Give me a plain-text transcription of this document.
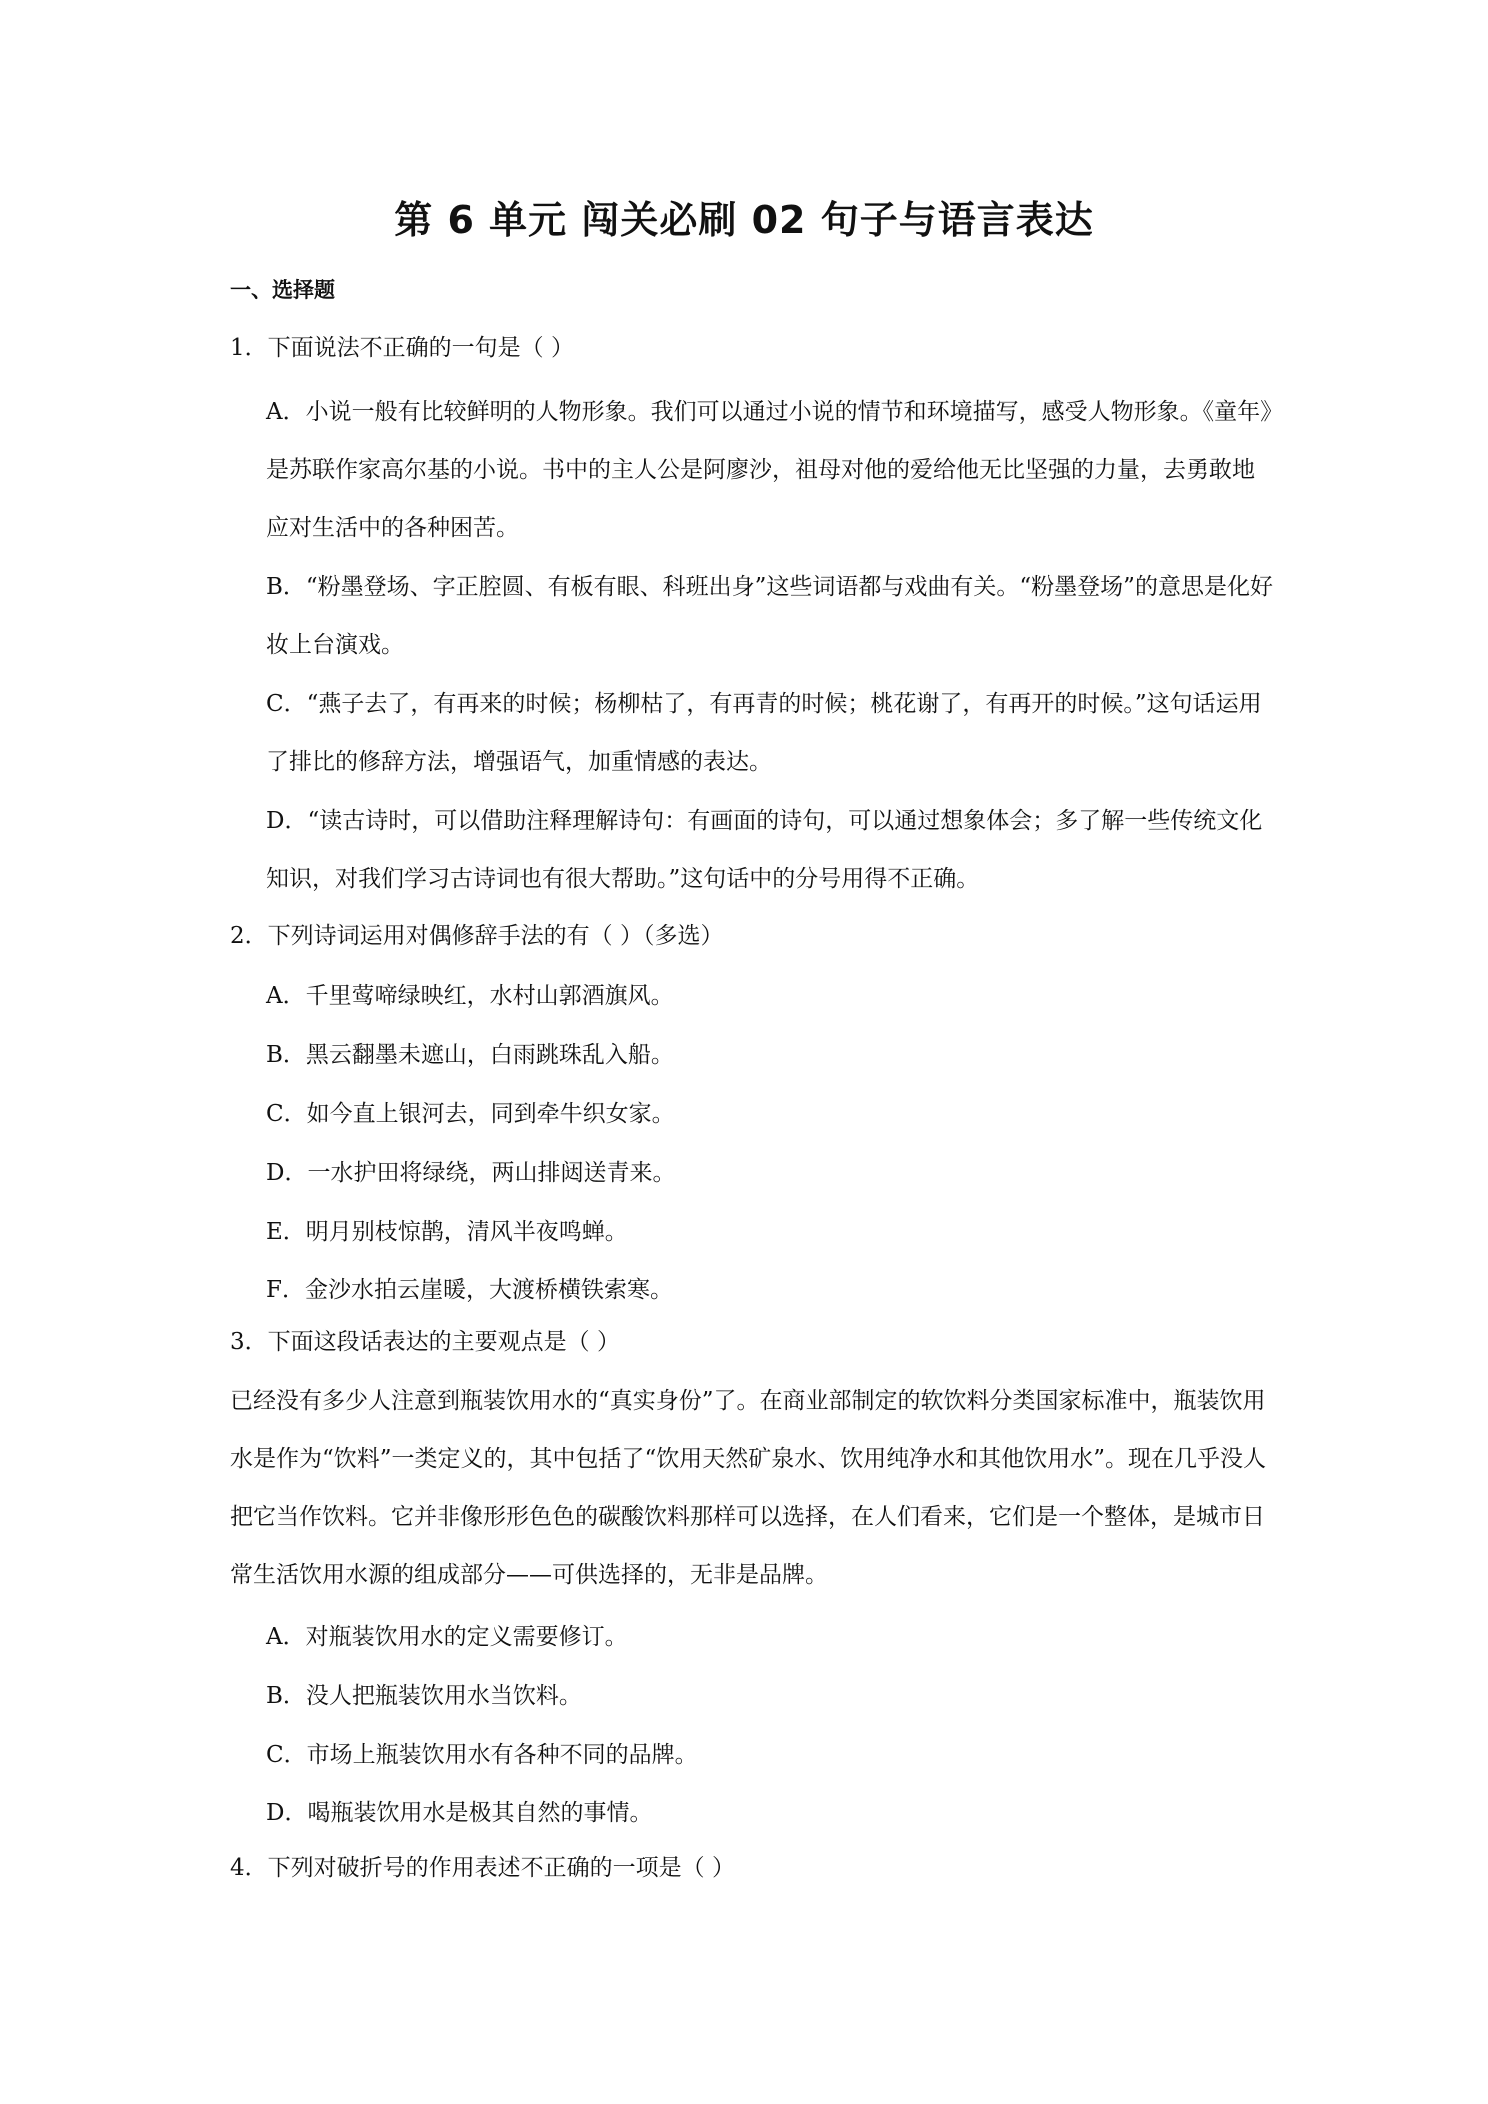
第 6 单元 闯关必刷 02 句子与语言表达
一、选择题
1．下面说法不正确的一句是（ ）
A．小说一般有比较鲜明的人物形象。我们可以通过小说的情节和环境描写，感受人物形象。《童年》是苏联作家高尔基的小说。书中的主人公是阿廖沙，祖母对他的爱给他无比坚强的力量，去勇敢地应对生活中的各种困苦。
B．“粉墨登场、字正腔圆、有板有眼、科班出身”这些词语都与戏曲有关。“粉墨登场”的意思是化好妆上台演戏。
C．“燕子去了，有再来的时候；杨柳枯了，有再青的时候；桃花谢了，有再开的时候。”这句话运用了排比的修辞方法，增强语气，加重情感的表达。
D．“读古诗时，可以借助注释理解诗句：有画面的诗句，可以通过想象体会；多了解一些传统文化知识，对我们学习古诗词也有很大帮助。”这句话中的分号用得不正确。
2．下列诗词运用对偶修辞手法的有（ ）（多选）
A．千里莺啼绿映红，水村山郭酒旗风。
B．黑云翻墨未遮山，白雨跳珠乱入船。
C．如今直上银河去，同到牵牛织女家。
D．一水护田将绿绕，两山排闼送青来。
E．明月别枝惊鹊，清风半夜鸣蝉。
F．金沙水拍云崖暖，大渡桥横铁索寒。
3．下面这段话表达的主要观点是（ ）
已经没有多少人注意到瓶装饮用水的“真实身份”了。在商业部制定的软饮料分类国家标准中，瓶装饮用水是作为“饮料”一类定义的，其中包括了“饮用天然矿泉水、饮用纯净水和其他饮用水”。现在几乎没人把它当作饮料。它并非像形形色色的碳酸饮料那样可以选择，在人们看来，它们是一个整体，是城市日常生活饮用水源的组成部分——可供选择的，无非是品牌。
A．对瓶装饮用水的定义需要修订。
B．没人把瓶装饮用水当饮料。
C．市场上瓶装饮用水有各种不同的品牌。
D．喝瓶装饮用水是极其自然的事情。
4．下列对破折号的作用表述不正确的一项是（ ）
